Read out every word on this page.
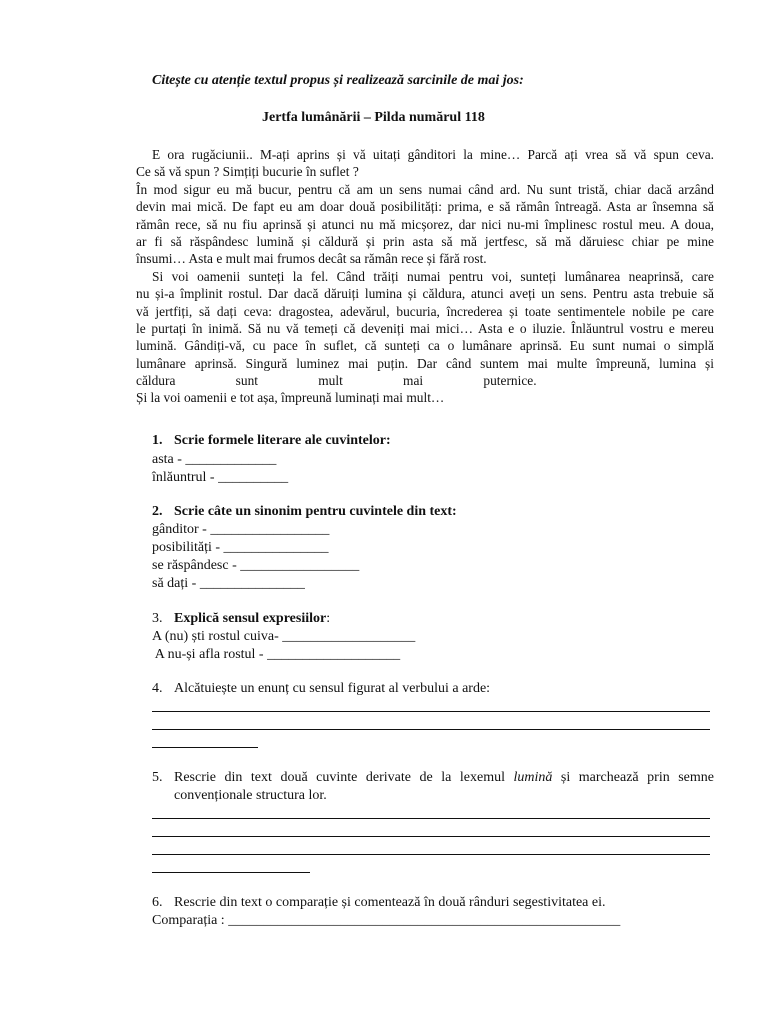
Citește cu atenție textul propus și realizează sarcinile de mai jos:
Jertfa lumânării – Pilda numărul 118
E ora rugăciunii.. M-ați aprins și vă uitați gânditori la mine… Parcă ați vrea să vă spun ceva.
Ce să vă spun ? Simțiți bucurie în suflet ?
În mod sigur eu mă bucur, pentru că am un sens numai când ard. Nu sunt tristă, chiar dacă arzând
devin mai mică. De fapt eu am doar două posibilități: prima, e să rămân întreagă. Asta ar însemna să
rămân rece, să nu fiu aprinsă și atunci nu mă micșorez, dar nici nu-mi împlinesc rostul meu. A doua,
ar fi să răspândesc lumină și căldură și prin asta să mă jertfesc, să mă dăruiesc chiar pe mine
însumi… Asta e mult mai frumos decât sa rămân rece și fără rost.
Si voi oamenii sunteți la fel. Când trăiți numai pentru voi, sunteți lumânarea neaprinsă, care
nu și-a împlinit rostul. Dar dacă dăruiți lumina și căldura, atunci aveți un sens. Pentru asta trebuie să
vă jertfiți, să dați ceva: dragostea, adevărul, bucuria, încrederea și toate sentimentele nobile pe care
le purtați în inimă. Să nu vă temeți că deveniți mai mici… Asta e o iluzie. Înlăuntrul vostru e mereu
lumină. Gândiți-vă, cu pace în suflet, că sunteți ca o lumânare aprinsă. Eu sunt numai o simplă
lumânare aprinsă. Singură luminez mai puțin. Dar când suntem mai multe împreună, lumina și
căldura                  sunt                  mult                  mai                  puternice.
Și la voi oamenii e tot așa, împreună luminați mai mult…
1. Scrie formele literare ale cuvintelor:
asta - _____________
înlăuntrul - __________
2. Scrie câte un sinonim pentru cuvintele din text:
gânditor - _________________
posibilități - _______________
se răspândesc - _________________
să dați - _______________
3. Explică sensul expresiilor:
A (nu) ști rostul cuiva- ___________________
A nu-și afla rostul - ___________________
4. Alcătuiește un enunț cu sensul figurat al verbului a arde:
5. Rescrie din text două cuvinte derivate de la lexemul lumină și marchează prin semne
convenționale structura lor.
6. Rescrie din text o comparație și comentează în două rânduri segestivitatea ei.
Comparația : ________________________________________________________
